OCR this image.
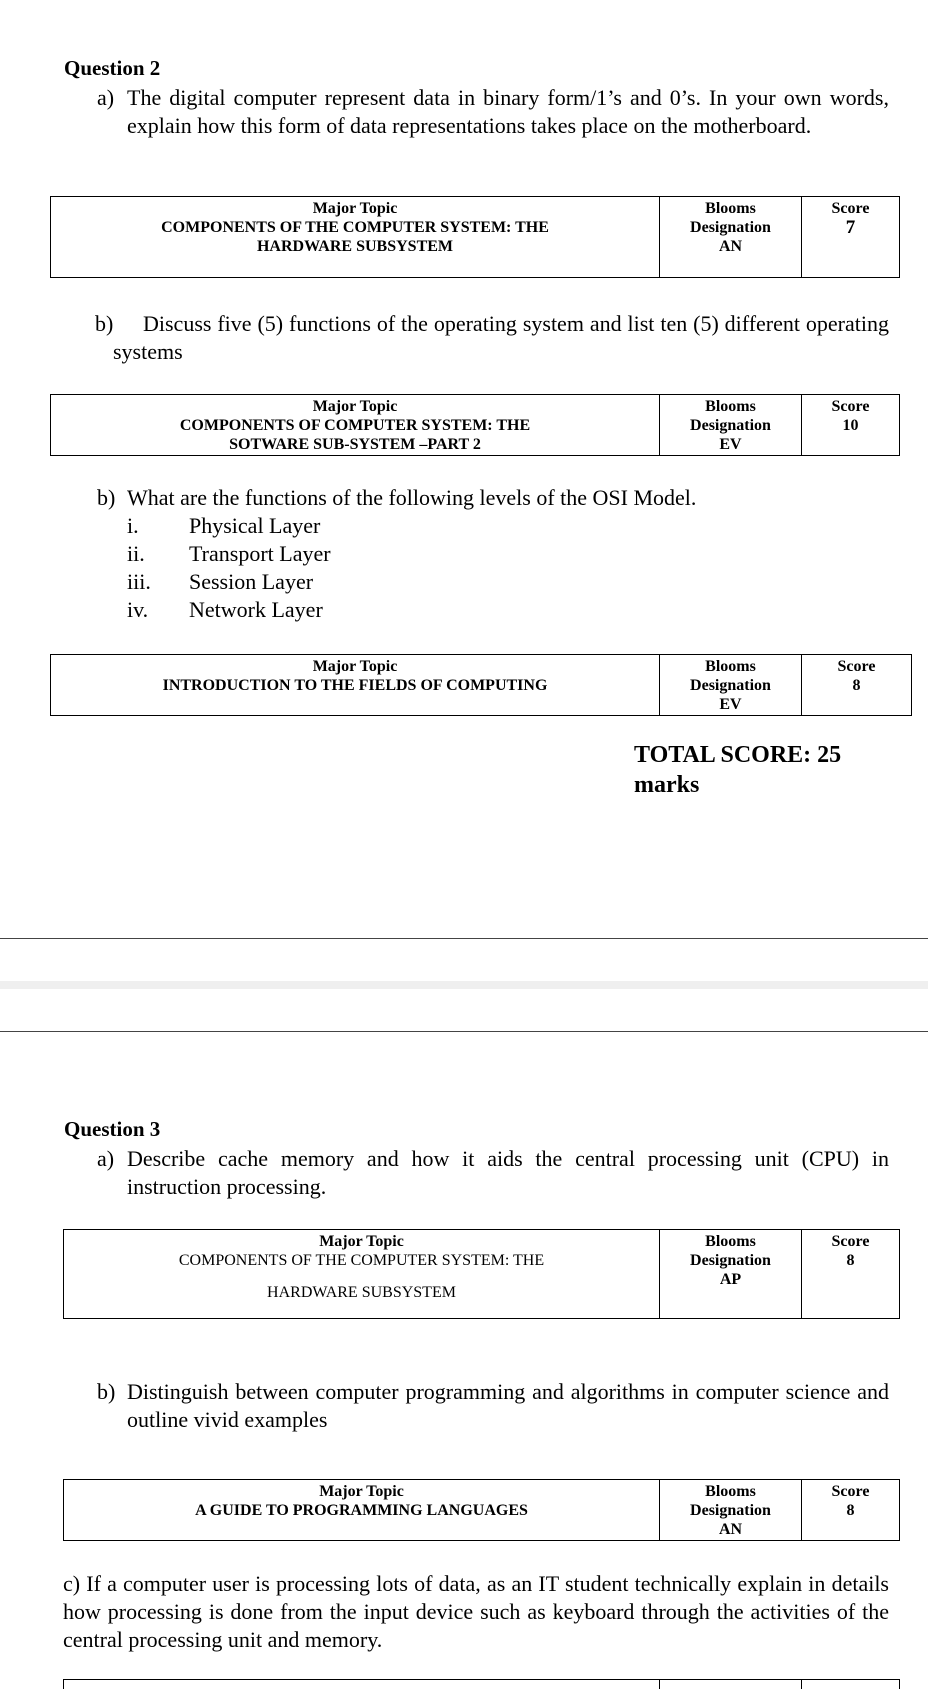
Question 2
a) The digital computer represent data in binary form/1’s and 0’s. In your own words, explain how this form of data representations takes place on the motherboard.
Major Topic
COMPONENTS OF THE COMPUTER SYSTEM: THE
HARDWARE SUBSYSTEM

Blooms
Designation
AN

Score
7
b)	Discuss five (5) functions of the operating system and list ten (5) different operating systems
Major Topic
COMPONENTS OF COMPUTER SYSTEM: THE
SOTWARE SUB-SYSTEM –PART 2

Blooms
Designation
EV

Score
10
b) What are the functions of the following levels of the OSI Model.
i.	Physical Layer
ii.	Transport Layer
iii.	Session Layer
iv.	Network Layer
Major Topic
INTRODUCTION TO THE FIELDS OF COMPUTING

Blooms
Designation
EV

Score
8
TOTAL SCORE: 25
marks
Question 3
a) Describe cache memory and how it aids the central processing unit (CPU) in instruction processing.
Major Topic
COMPONENTS OF THE COMPUTER SYSTEM: THE
HARDWARE SUBSYSTEM

Blooms
Designation
AP

Score
8
b) Distinguish between computer programming and algorithms in computer science and outline vivid examples
Major Topic
A GUIDE TO PROGRAMMING LANGUAGES

Blooms
Designation
AN

Score
8
c) If a computer user is processing lots of data, as an IT student technically explain in details how processing is done from the input device such as keyboard through the activities of the central processing unit and memory.
